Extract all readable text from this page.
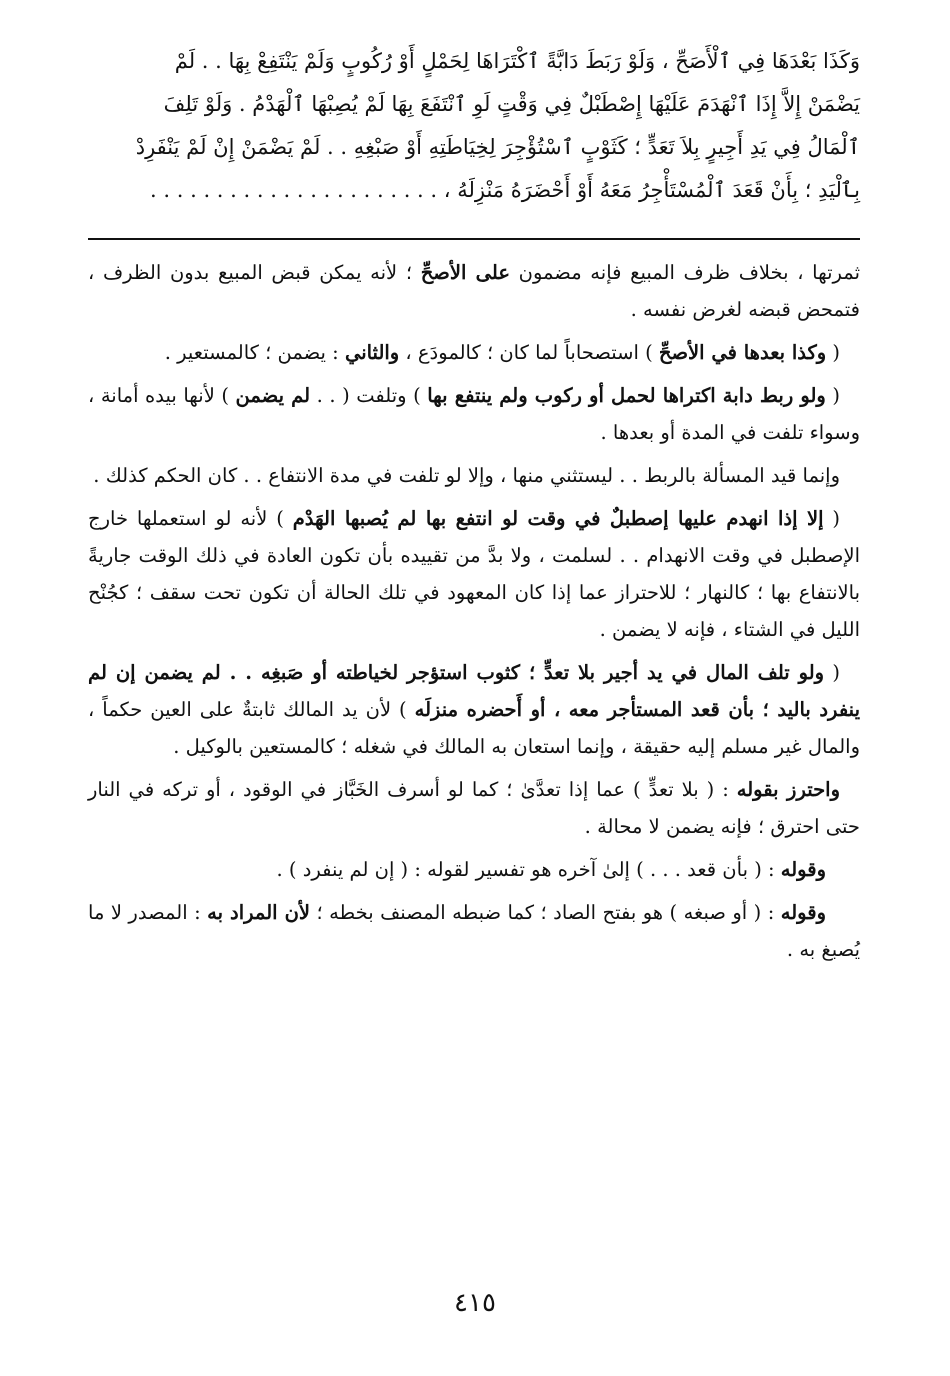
وَكَذَا بَعْدَهَا فِي ٱلْأَصَحِّ ، وَلَوْ رَبَطَ دَابَّةً ٱكْتَرَاهَا لِحَمْلٍ أَوْ رُكُوبٍ وَلَمْ يَنْتَفِعْ بِهَا . . لَمْ

يَضْمَنْ إِلاَّ إِذَا ٱنْهَدَمَ عَلَيْهَا إِصْطَبْلٌ فِي وَقْتٍ لَوِ ٱنْتَفَعَ بِهَا لَمْ يُصِبْهَا ٱلْهَدْمُ . وَلَوْ تَلِفَ

ٱلْمَالُ فِي يَدِ أَجِيرٍ بِلاَ تَعَدٍّ ؛ كَثَوْبٍ ٱسْتُؤْجِرَ لِخِيَاطَتِهِ أَوْ صَبْغِهِ . . لَمْ يَضْمَنْ إِنْ لَمْ يَنْفَرِدْ

بِٱلْيَدِ ؛ بِأَنْ قَعَدَ ٱلْمُسْتَأْجِرُ مَعَهُ أَوْ أَحْضَرَهُ مَنْزِلَهُ ، . . . . . . . . . . . . . . . . . . . . . .

ثمرتها ، بخلاف ظرف المبيع فإنه مضمون على الأصحِّ ؛ لأنه يمكن قبض المبيع بدون الظرف ، فتمحض قبضه لغرض نفسه .

( وكذا بعدها في الأصحِّ ) استصحاباً لما كان ؛ كالمودَع ، والثاني : يضمن ؛ كالمستعير .

( ولو ربط دابة اكتراها لحمل أو ركوب ولم ينتفع بها ) وتلفت ( . . لم يضمن ) لأنها بيده أمانة ، وسواء تلفت في المدة أو بعدها .

وإنما قيد المسألة بالربط . . ليستثني منها ، وإلا لو تلفت في مدة الانتفاع . . كان الحكم كذلك .

( إلا إذا انهدم عليها إصطبلٌ في وقت لو انتفع بها لم يُصبها الهَدْم ) لأنه لو استعملها خارج الإصطبل في وقت الانهدام . . لسلمت ، ولا بدَّ من تقييده بأن تكون العادة في ذلك الوقت جاريةً بالانتفاع بها ؛ كالنهار ؛ للاحتراز عما إذا كان المعهود في تلك الحالة أن تكون تحت سقف ؛ كجُنْح الليل في الشتاء ، فإنه لا يضمن .

( ولو تلف المال في يد أجير بلا تعدٍّ ؛ كثوب استؤجر لخياطته أو صَبغِه . . لم يضمن إن لم ينفرد باليد ؛ بأن قعد المستأجر معه ، أو أَحضره منزلَه ) لأن يد المالك ثابتةٌ على العين حكماً ، والمال غير مسلم إليه حقيقة ، وإنما استعان به المالك في شغله ؛ كالمستعين بالوكيل .

واحترز بقوله : ( بلا تعدٍّ ) عما إذا تعدَّىٰ ؛ كما لو أسرف الخَبَّاز في الوقود ، أو تركه في النار حتى احترق ؛ فإنه يضمن لا محالة .

وقوله : ( بأن قعد . . . ) إلىٰ آخره هو تفسير لقوله : ( إن لم ينفرد ) .

وقوله : ( أو صبغه ) هو بفتح الصاد ؛ كما ضبطه المصنف بخطه ؛ لأن المراد به : المصدر لا ما يُصبغ به .

٤١٥
